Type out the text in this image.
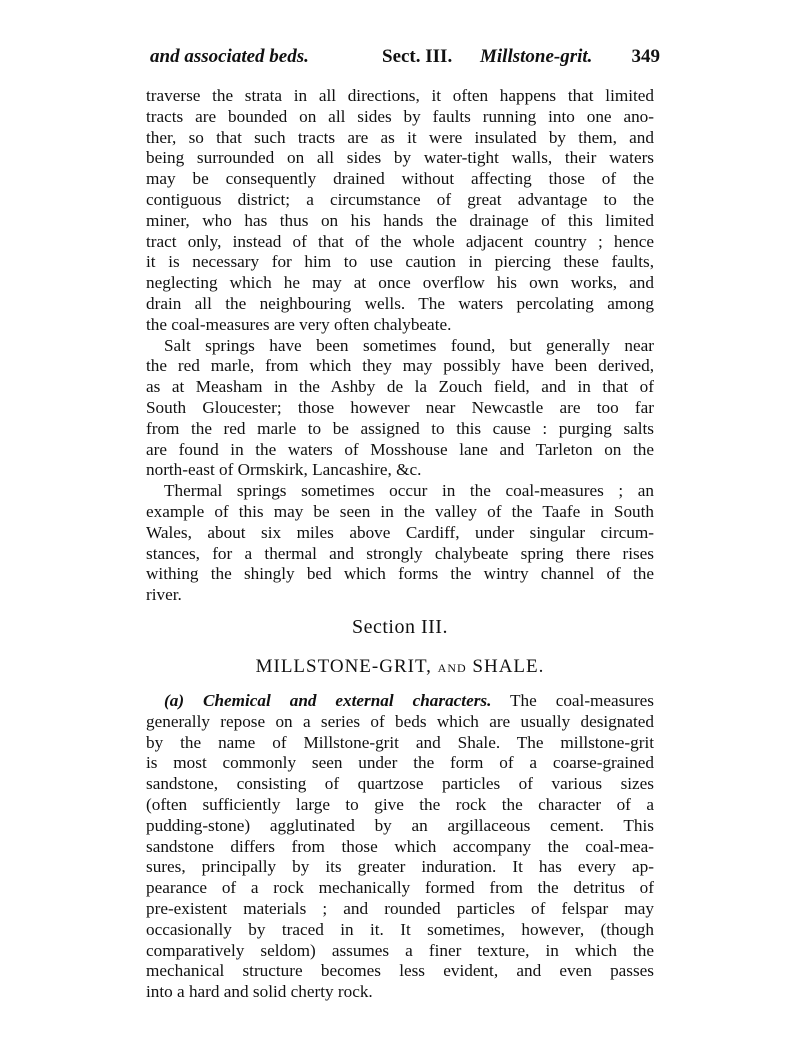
and associated beds.	Sect. III. Millstone-grit. 349
traverse the strata in all directions, it often happens that limited
tracts are bounded on all sides by faults running into one ano-
ther, so that such tracts are as it were insulated by them, and
being surrounded on all sides by water-tight walls, their waters
may be consequently drained without affecting those of the
contiguous district; a circumstance of great advantage to the
miner, who has thus on his hands the drainage of this limited
tract only, instead of that of the whole adjacent country ; hence
it is necessary for him to use caution in piercing these faults,
neglecting which he may at once overflow his own works, and
drain all the neighbouring wells. The waters percolating among
the coal-measures are very often chalybeate.
Salt springs have been sometimes found, but generally near
the red marle, from which they may possibly have been derived,
as at Measham in the Ashby de la Zouch field, and in that of
South Gloucester; those however near Newcastle are too far
from the red marle to be assigned to this cause : purging salts
are found in the waters of Mosshouse lane and Tarleton on the
north-east of Ormskirk, Lancashire, &c.
Thermal springs sometimes occur in the coal-measures ; an
example of this may be seen in the valley of the Taafe in South
Wales, about six miles above Cardiff, under singular circum-
stances, for a thermal and strongly chalybeate spring there rises
withing the shingly bed which forms the wintry channel of the
river.
Section III.
MILLSTONE-GRIT, AND SHALE.
(a) Chemical and external characters. The coal-measures
generally repose on a series of beds which are usually designated
by the name of Millstone-grit and Shale. The millstone-grit
is most commonly seen under the form of a coarse-grained
sandstone, consisting of quartzose particles of various sizes
(often sufficiently large to give the rock the character of a
pudding-stone) agglutinated by an argillaceous cement. This
sandstone differs from those which accompany the coal-mea-
sures, principally by its greater induration. It has every ap-
pearance of a rock mechanically formed from the detritus of
pre-existent materials ; and rounded particles of felspar may
occasionally by traced in it. It sometimes, however, (though
comparatively seldom) assumes a finer texture, in which the
mechanical structure becomes less evident, and even passes
into a hard and solid cherty rock.
